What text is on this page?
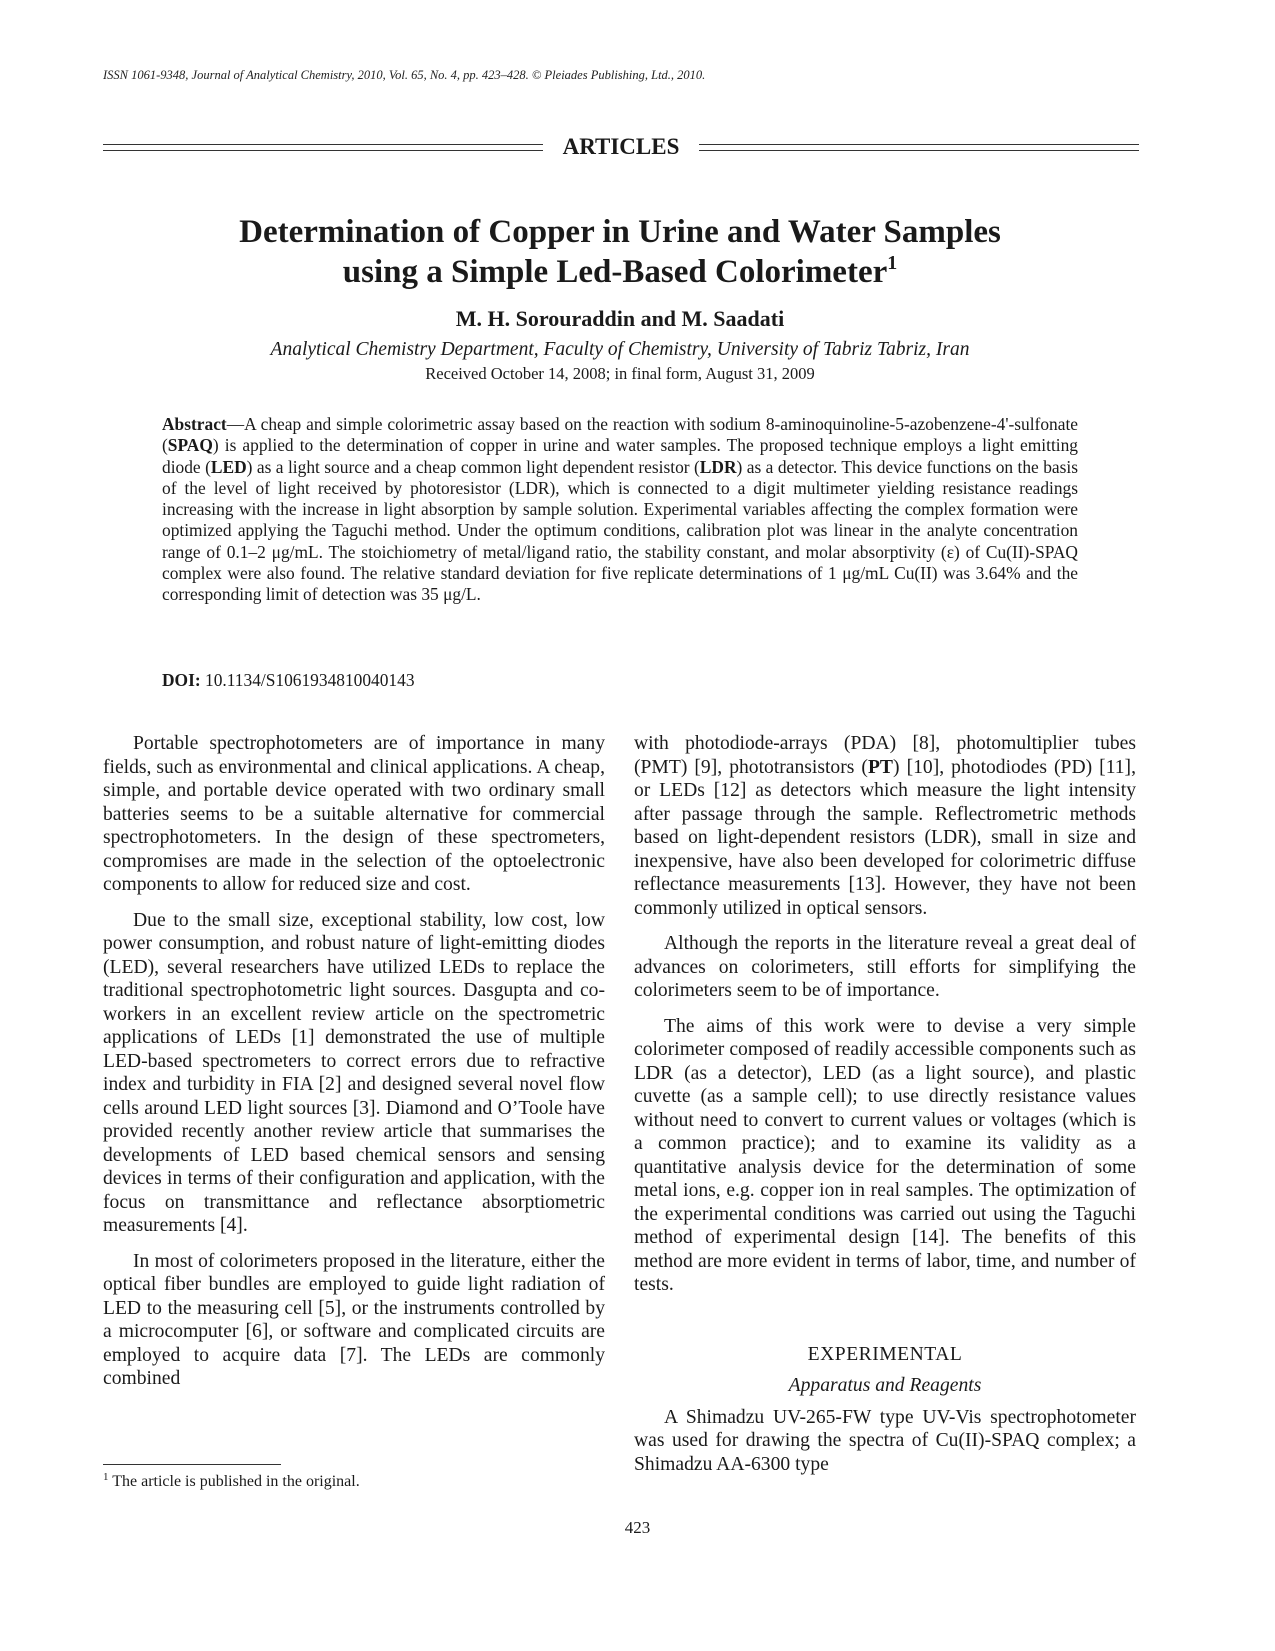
ISSN 1061-9348, Journal of Analytical Chemistry, 2010, Vol. 65, No. 4, pp. 423–428. © Pleiades Publishing, Ltd., 2010.
ARTICLES
Determination of Copper in Urine and Water Samples
using a Simple Led-Based Colorimeter$^1$
M. H. Sorouraddin and M. Saadati
Analytical Chemistry Department, Faculty of Chemistry, University of Tabriz Tabriz, Iran
Received October 14, 2008; in final form, August 31, 2009
Abstract—A cheap and simple colorimetric assay based on the reaction with sodium 8-aminoquinoline-5-azobenzene-4'-sulfonate (SPAQ) is applied to the determination of copper in urine and water samples. The proposed technique employs a light emitting diode (LED) as a light source and a cheap common light dependent resistor (LDR) as a detector. This device functions on the basis of the level of light received by photoresistor (LDR), which is connected to a digit multimeter yielding resistance readings increasing with the increase in light absorption by sample solution. Experimental variables affecting the complex formation were optimized applying the Taguchi method. Under the optimum conditions, calibration plot was linear in the analyte concentration range of 0.1–2 μg/mL. The stoichiometry of metal/ligand ratio, the stability constant, and molar absorptivity (ε) of Cu(II)-SPAQ complex were also found. The relative standard deviation for five replicate determinations of 1 μg/mL Cu(II) was 3.64% and the corresponding limit of detection was 35 μg/L.
DOI: 10.1134/S1061934810040143

Portable spectrophotometers are of importance in many fields, such as environmental and clinical applications. A cheap, simple, and portable device operated with two ordinary small batteries seems to be a suitable alternative for commercial spectrophotometers. In the design of these spectrometers, compromises are made in the selection of the optoelectronic components to allow for reduced size and cost.

Due to the small size, exceptional stability, low cost, low power consumption, and robust nature of light-emitting diodes (LED), several researchers have utilized LEDs to replace the traditional spectrophotometric light sources. Dasgupta and co-workers in an excellent review article on the spectrometric applications of LEDs [1] demonstrated the use of multiple LED-based spectrometers to correct errors due to refractive index and turbidity in FIA [2] and designed several novel flow cells around LED light sources [3]. Diamond and O’Toole have provided recently another review article that summarises the developments of LED based chemical sensors and sensing devices in terms of their configuration and application, with the focus on transmittance and reflectance absorptiometric measurements [4].

In most of colorimeters proposed in the literature, either the optical fiber bundles are employed to guide light radiation of LED to the measuring cell [5], or the instruments controlled by a microcomputer [6], or software and complicated circuits are employed to acquire data [7]. The LEDs are commonly combined

with photodiode-arrays (PDA) [8], photomultiplier tubes (PMT) [9], phototransistors (PT) [10], photodiodes (PD) [11], or LEDs [12] as detectors which measure the light intensity after passage through the sample. Reflectrometric methods based on light-dependent resistors (LDR), small in size and inexpensive, have also been developed for colorimetric diffuse reflectance measurements [13]. However, they have not been commonly utilized in optical sensors.

Although the reports in the literature reveal a great deal of advances on colorimeters, still efforts for simplifying the colorimeters seem to be of importance.

The aims of this work were to devise a very simple colorimeter composed of readily accessible components such as LDR (as a detector), LED (as a light source), and plastic cuvette (as a sample cell); to use directly resistance values without need to convert to current values or voltages (which is a common practice); and to examine its validity as a quantitative analysis device for the determination of some metal ions, e.g. copper ion in real samples. The optimization of the experimental conditions was carried out using the Taguchi method of experimental design [14]. The benefits of this method are more evident in terms of labor, time, and number of tests.

EXPERIMENTAL
Apparatus and Reagents

A Shimadzu UV-265-FW type UV-Vis spectrophotometer was used for drawing the spectra of Cu(II)-SPAQ complex; a Shimadzu AA-6300 type

$^1$ The article is published in the original.
423
